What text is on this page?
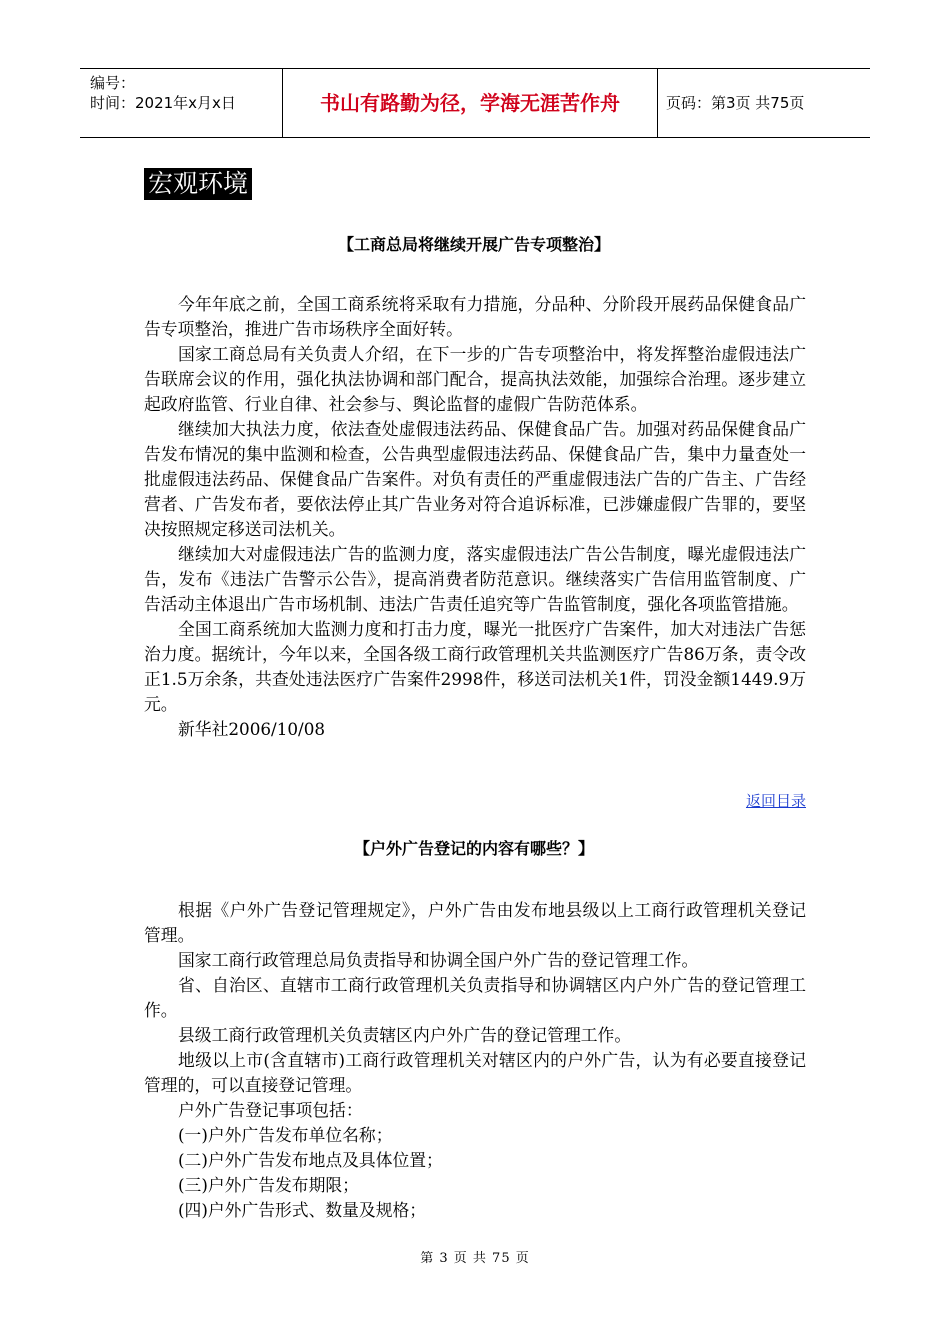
编号：
时间：2021年x月x日	书山有路勤为径，学海无涯苦作舟	页码：第3页 共75页
宏观环境
【工商总局将继续开展广告专项整治】

今年年底之前，全国工商系统将采取有力措施，分品种、分阶段开展药品保健食品广告专项整治，推进广告市场秩序全面好转。

国家工商总局有关负责人介绍，在下一步的广告专项整治中，将发挥整治虚假违法广告联席会议的作用，强化执法协调和部门配合，提高执法效能，加强综合治理。逐步建立起政府监管、行业自律、社会参与、舆论监督的虚假广告防范体系。

继续加大执法力度，依法查处虚假违法药品、保健食品广告。加强对药品保健食品广告发布情况的集中监测和检查，公告典型虚假违法药品、保健食品广告，集中力量查处一批虚假违法药品、保健食品广告案件。对负有责任的严重虚假违法广告的广告主、广告经营者、广告发布者，要依法停止其广告业务对符合追诉标准，已涉嫌虚假广告罪的，要坚决按照规定移送司法机关。

继续加大对虚假违法广告的监测力度，落实虚假违法广告公告制度，曝光虚假违法广告，发布《违法广告警示公告》，提高消费者防范意识。继续落实广告信用监管制度、广告活动主体退出广告市场机制、违法广告责任追究等广告监管制度，强化各项监管措施。

全国工商系统加大监测力度和打击力度，曝光一批医疗广告案件，加大对违法广告惩治力度。据统计，今年以来，全国各级工商行政管理机关共监测医疗广告86万条，责令改正1.5万余条，共查处违法医疗广告案件2998件，移送司法机关1件，罚没金额1449.9万元。

新华社2006/10/08

返回目录
【户外广告登记的内容有哪些？】

根据《户外广告登记管理规定》，户外广告由发布地县级以上工商行政管理机关登记管理。

国家工商行政管理总局负责指导和协调全国户外广告的登记管理工作。

省、自治区、直辖市工商行政管理机关负责指导和协调辖区内户外广告的登记管理工作。

县级工商行政管理机关负责辖区内户外广告的登记管理工作。

地级以上市(含直辖市)工商行政管理机关对辖区内的户外广告，认为有必要直接登记管理的，可以直接登记管理。

户外广告登记事项包括：

(一)户外广告发布单位名称；

(二)户外广告发布地点及具体位置；

(三)户外广告发布期限；

(四)户外广告形式、数量及规格；

第 3 页 共 75 页
